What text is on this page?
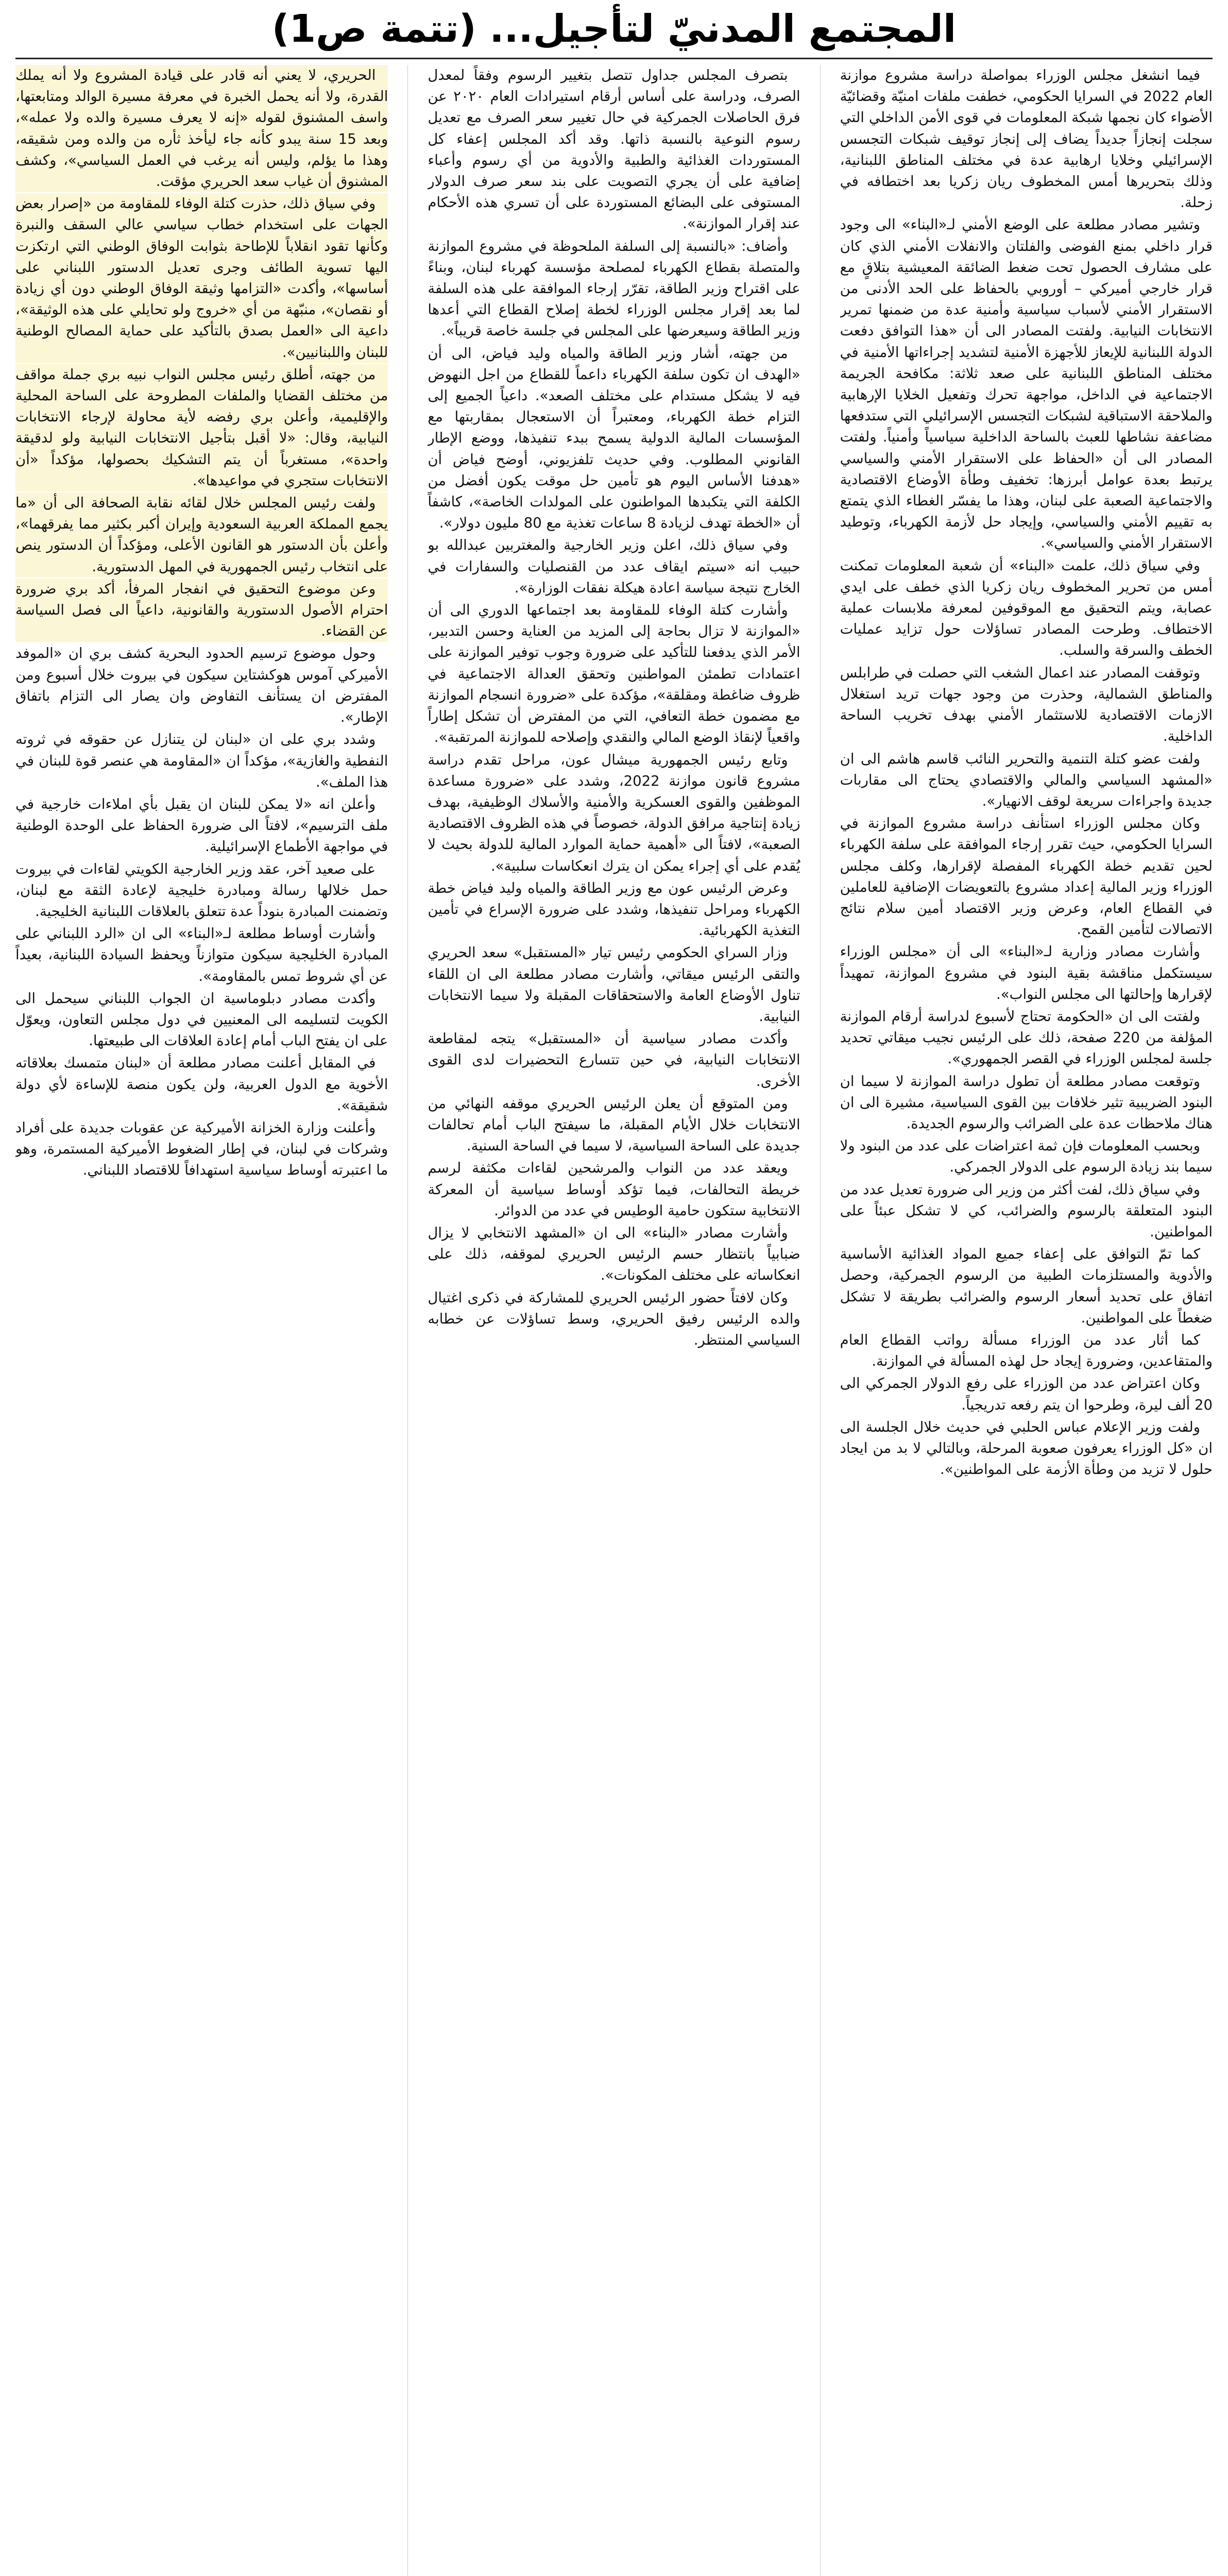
المجتمع المدنيّ لتأجيل... (تتمة ص1)

فيما انشغل مجلس الوزراء بمواصلة دراسة مشروع موازنة العام 2022 في السرايا الحكومي، خطفت ملفات امنيّة وقضائيّة الأضواء كان نجمها شبكة المعلومات في قوى الأمن الداخلي التي سجلت إنجازاً جديداً يضاف إلى إنجاز توقيف شبكات التجسس الإسرائيلي وخلايا ارهابية عدة في مختلف المناطق اللبنانية، وذلك بتحريرها أمس المخطوف ريان زكريا بعد اختطافه في زحلة.

وتشير مصادر مطلعة على الوضع الأمني لـ«البناء» الى وجود قرار داخلي بمنع الفوضى والفلتان والانفلات الأمني الذي كان على مشارف الحصول تحت ضغط الضائقة المعيشية بتلاقٍ مع قرار خارجي أميركي – أوروبي بالحفاظ على الحد الأدنى من الاستقرار الأمني لأسباب سياسية وأمنية عدة من ضمنها تمرير الانتخابات النيابية. ولفتت المصادر الى أن «هذا التوافق دفعت الدولة اللبنانية للإيعاز للأجهزة الأمنية لتشديد إجراءاتها الأمنية في مختلف المناطق اللبنانية على صعد ثلاثة: مكافحة الجريمة الاجتماعية في الداخل، مواجهة تحرك وتفعيل الخلايا الإرهابية والملاحقة الاستباقية لشبكات التجسس الإسرائيلي التي ستدفعها مضاعفة نشاطها للعبث بالساحة الداخلية سياسياً وأمنياً. ولفتت المصادر الى أن «الحفاظ على الاستقرار الأمني والسياسي يرتبط بعدة عوامل أبرزها: تخفيف وطأة الأوضاع الاقتصادية والاجتماعية الصعبة على لبنان، وهذا ما يفسّر الغطاء الذي يتمتع به تقييم الأمني والسياسي، وإيجاد حل لأزمة الكهرباء، وتوطيد الاستقرار الأمني والسياسي».

وفي سياق ذلك، علمت «البناء» أن شعبة المعلومات تمكنت أمس من تحرير المخطوف ريان زكريا الذي خطف على ايدي عصابة، ويتم التحقيق مع الموقوفين لمعرفة ملابسات عملية الاختطاف. وطرحت المصادر تساؤلات حول تزايد عمليات الخطف والسرقة والسلب.

وتوقفت المصادر عند اعمال الشغب التي حصلت في طرابلس والمناطق الشمالية، وحذرت من وجود جهات تريد استغلال الازمات الاقتصادية للاستثمار الأمني بهدف تخريب الساحة الداخلية.

ولفت عضو كتلة التنمية والتحرير النائب قاسم هاشم الى ان «المشهد السياسي والمالي والاقتصادي يحتاج الى مقاربات جديدة واجراءات سريعة لوقف الانهيار».

وكان مجلس الوزراء استأنف دراسة مشروع الموازنة في السرايا الحكومي، حيث تقرر إرجاء الموافقة على سلفة الكهرباء لحين تقديم خطة الكهرباء المفصلة لإقرارها، وكلف مجلس الوزراء وزير المالية إعداد مشروع بالتعويضات الإضافية للعاملين في القطاع العام، وعرض وزير الاقتصاد أمين سلام نتائج الاتصالات لتأمين القمح.

وأشارت مصادر وزارية لـ«البناء» الى أن «مجلس الوزراء سيستكمل مناقشة بقية البنود في مشروع الموازنة، تمهيداً لإقرارها وإحالتها الى مجلس النواب».

ولفتت الى ان «الحكومة تحتاج لأسبوع لدراسة أرقام الموازنة المؤلفة من 220 صفحة، ذلك على الرئيس نجيب ميقاتي تحديد جلسة لمجلس الوزراء في القصر الجمهوري».

وتوقعت مصادر مطلعة أن تطول دراسة الموازنة لا سيما ان البنود الضريبية تثير خلافات بين القوى السياسية، مشيرة الى ان هناك ملاحظات عدة على الضرائب والرسوم الجديدة.

وبحسب المعلومات فإن ثمة اعتراضات على عدد من البنود ولا سيما بند زيادة الرسوم على الدولار الجمركي.

وفي سياق ذلك، لفت أكثر من وزير الى ضرورة تعديل عدد من البنود المتعلقة بالرسوم والضرائب، كي لا تشكل عبئاً على المواطنين.

كما تمّ التوافق على إعفاء جميع المواد الغذائية الأساسية والأدوية والمستلزمات الطبية من الرسوم الجمركية، وحصل اتفاق على تحديد أسعار الرسوم والضرائب بطريقة لا تشكل ضغطاً على المواطنين.

كما أثار عدد من الوزراء مسألة رواتب القطاع العام والمتقاعدين، وضرورة إيجاد حل لهذه المسألة في الموازنة.

وكان اعتراض عدد من الوزراء على رفع الدولار الجمركي الى 20 ألف ليرة، وطرحوا ان يتم رفعه تدريجياً.

ولفت وزير الإعلام عباس الحلبي في حديث خلال الجلسة الى ان «كل الوزراء يعرفون صعوبة المرحلة، وبالتالي لا بد من ايجاد حلول لا تزيد من وطأة الأزمة على المواطنين».

بتصرف المجلس جداول تتصل بتغيير الرسوم وفقاً لمعدل الصرف، ودراسة على أساس أرقام استيرادات العام ٢٠٢٠ عن فرق الحاصلات الجمركية في حال تغيير سعر الصرف مع تعديل رسوم النوعية بالنسبة ذاتها. وقد أكد المجلس إعفاء كل المستوردات الغذائية والطبية والأدوية من أي رسوم وأعباء إضافية على أن يجري التصويت على بند سعر صرف الدولار المستوفى على البضائع المستوردة على أن تسري هذه الأحكام عند إقرار الموازنة».

وأضاف: «بالنسبة إلى السلفة الملحوظة في مشروع الموازنة والمتصلة بقطاع الكهرباء لمصلحة مؤسسة كهرباء لبنان، وبناءً على اقتراح وزير الطاقة، تقرّر إرجاء الموافقة على هذه السلفة لما بعد إقرار مجلس الوزراء لخطة إصلاح القطاع التي أعدها وزير الطاقة وسيعرضها على المجلس في جلسة خاصة قريباً».

من جهته، أشار وزير الطاقة والمياه وليد فياض، الى أن «الهدف ان تكون سلفة الكهرباء داعماً للقطاع من اجل النهوض فيه لا يشكل مستدام على مختلف الصعد». داعياً الجميع إلى التزام خطة الكهرباء، ومعتبراً أن الاستعجال بمقاربتها مع المؤسسات المالية الدولية يسمح ببدء تنفيذها، ووضع الإطار القانوني المطلوب. وفي حديث تلفزيوني، أوضح فياض أن «هدفنا الأساس اليوم هو تأمين حل موقت يكون أفضل من الكلفة التي يتكبدها المواطنون على المولدات الخاصة»، كاشفاً أن «الخطة تهدف لزيادة 8 ساعات تغذية مع 80 مليون دولار».

وفي سياق ذلك، اعلن وزير الخارجية والمغتربين عبدالله بو حبيب انه «سيتم ايقاف عدد من القنصليات والسفارات في الخارج نتيجة سياسة اعادة هيكلة نفقات الوزارة».

وأشارت كتلة الوفاء للمقاومة بعد اجتماعها الدوري الى أن «الموازنة لا تزال بحاجة إلى المزيد من العناية وحسن التدبير، الأمر الذي يدفعنا للتأكيد على ضرورة وجوب توفير الموازنة على اعتمادات تطمئن المواطنين وتحقق العدالة الاجتماعية في ظروف ضاغطة ومقلقة»، مؤكدة على «ضرورة انسجام الموازنة مع مضمون خطة التعافي، التي من المفترض أن تشكل إطاراً واقعياً لإنقاذ الوضع المالي والنقدي وإصلاحه للموازنة المرتقبة».

وتابع رئيس الجمهورية ميشال عون، مراحل تقدم دراسة مشروع قانون موازنة 2022، وشدد على «ضرورة مساعدة الموظفين والقوى العسكرية والأمنية والأسلاك الوظيفية، بهدف زيادة إنتاجية مرافق الدولة، خصوصاً في هذه الظروف الاقتصادية الصعبة»، لافتاً الى «أهمية حماية الموارد المالية للدولة بحيث لا يُقدم على أي إجراء يمكن ان يترك انعكاسات سلبية».

وعرض الرئيس عون مع وزير الطاقة والمياه وليد فياض خطة الكهرباء ومراحل تنفيذها، وشدد على ضرورة الإسراع في تأمين التغذية الكهربائية.

وزار السراي الحكومي رئيس تيار «المستقبل» سعد الحريري والتقى الرئيس ميقاتي، وأشارت مصادر مطلعة الى ان اللقاء تناول الأوضاع العامة والاستحقاقات المقبلة ولا سيما الانتخابات النيابية.

وأكدت مصادر سياسية أن «المستقبل» يتجه لمقاطعة الانتخابات النيابية، في حين تتسارع التحضيرات لدى القوى الأخرى.

ومن المتوقع أن يعلن الرئيس الحريري موقفه النهائي من الانتخابات خلال الأيام المقبلة، ما سيفتح الباب أمام تحالفات جديدة على الساحة السياسية، لا سيما في الساحة السنية.

ويعقد عدد من النواب والمرشحين لقاءات مكثفة لرسم خريطة التحالفات، فيما تؤكد أوساط سياسية أن المعركة الانتخابية ستكون حامية الوطيس في عدد من الدوائر.

وأشارت مصادر «البناء» الى ان «المشهد الانتخابي لا يزال ضبابياً بانتظار حسم الرئيس الحريري لموقفه، ذلك على انعكاساته على مختلف المكونات».

وكان لافتاً حضور الرئيس الحريري للمشاركة في ذكرى اغتيال والده الرئيس رفيق الحريري، وسط تساؤلات عن خطابه السياسي المنتظر.

الحريري، لا يعني أنه قادر على قيادة المشروع ولا أنه يملك القدرة، ولا أنه يحمل الخبرة في معرفة مسيرة الوالد ومتابعتها، واسف المشنوق لقوله «إنه لا يعرف مسيرة والده ولا عمله»، وبعد 15 سنة يبدو كأنه جاء ليأخذ ثأره من والده ومن شقيقه، وهذا ما يؤلم، وليس أنه يرغب في العمل السياسي»، وكشف المشنوق أن غياب سعد الحريري مؤقت.

وفي سياق ذلك، حذرت كتلة الوفاء للمقاومة من «إصرار بعض الجهات على استخدام خطاب سياسي عالي السقف والنبرة وكأنها تقود انقلاباً للإطاحة بثوابت الوفاق الوطني التي ارتكزت اليها تسوية الطائف وجرى تعديل الدستور اللبناني على أساسها»، وأكدت «التزامها وثيقة الوفاق الوطني دون أي زيادة أو نقصان»، منبّهة من أي «خروج ولو تحايلي على هذه الوثيقة»، داعية الى «العمل بصدق بالتأكيد على حماية المصالح الوطنية للبنان واللبنانيين».

من جهته، أطلق رئيس مجلس النواب نبيه بري جملة مواقف من مختلف القضايا والملفات المطروحة على الساحة المحلية والإقليمية، وأعلن بري رفضه لأية محاولة لإرجاء الانتخابات النيابية، وقال: «لا أقبل بتأجيل الانتخابات النيابية ولو لدقيقة واحدة»، مستغرباً أن يتم التشكيك بحصولها، مؤكداً «أن الانتخابات ستجري في مواعيدها».

ولفت رئيس المجلس خلال لقائه نقابة الصحافة الى أن «ما يجمع المملكة العربية السعودية وإيران أكبر بكثير مما يفرقهما»، وأعلن بأن الدستور هو القانون الأعلى، ومؤكداً أن الدستور ينص على انتخاب رئيس الجمهورية في المهل الدستورية.

وعن موضوع التحقيق في انفجار المرفأ، أكد بري ضرورة احترام الأصول الدستورية والقانونية، داعياً الى فصل السياسة عن القضاء.

وحول موضوع ترسيم الحدود البحرية كشف بري ان «الموفد الأميركي آموس هوكشتاين سيكون في بيروت خلال أسبوع ومن المفترض ان يستأنف التفاوض وان يصار الى التزام باتفاق الإطار».

وشدد بري على ان «لبنان لن يتنازل عن حقوقه في ثروته النفطية والغازية»، مؤكداً ان «المقاومة هي عنصر قوة للبنان في هذا الملف».

وأعلن انه «لا يمكن للبنان ان يقبل بأي املاءات خارجية في ملف الترسيم»، لافتاً الى ضرورة الحفاظ على الوحدة الوطنية في مواجهة الأطماع الإسرائيلية.

على صعيد آخر، عقد وزير الخارجية الكويتي لقاءات في بيروت حمل خلالها رسالة ومبادرة خليجية لإعادة الثقة مع لبنان، وتضمنت المبادرة بنوداً عدة تتعلق بالعلاقات اللبنانية الخليجية.

وأشارت أوساط مطلعة لـ«البناء» الى ان «الرد اللبناني على المبادرة الخليجية سيكون متوازناً ويحفظ السيادة اللبنانية، بعيداً عن أي شروط تمس بالمقاومة».

وأكدت مصادر دبلوماسية ان الجواب اللبناني سيحمل الى الكويت لتسليمه الى المعنيين في دول مجلس التعاون، ويعوّل على ان يفتح الباب أمام إعادة العلاقات الى طبيعتها.

في المقابل أعلنت مصادر مطلعة أن «لبنان متمسك بعلاقاته الأخوية مع الدول العربية، ولن يكون منصة للإساءة لأي دولة شقيقة».

وأعلنت وزارة الخزانة الأميركية عن عقوبات جديدة على أفراد وشركات في لبنان، في إطار الضغوط الأميركية المستمرة، وهو ما اعتبرته أوساط سياسية استهدافاً للاقتصاد اللبناني.
